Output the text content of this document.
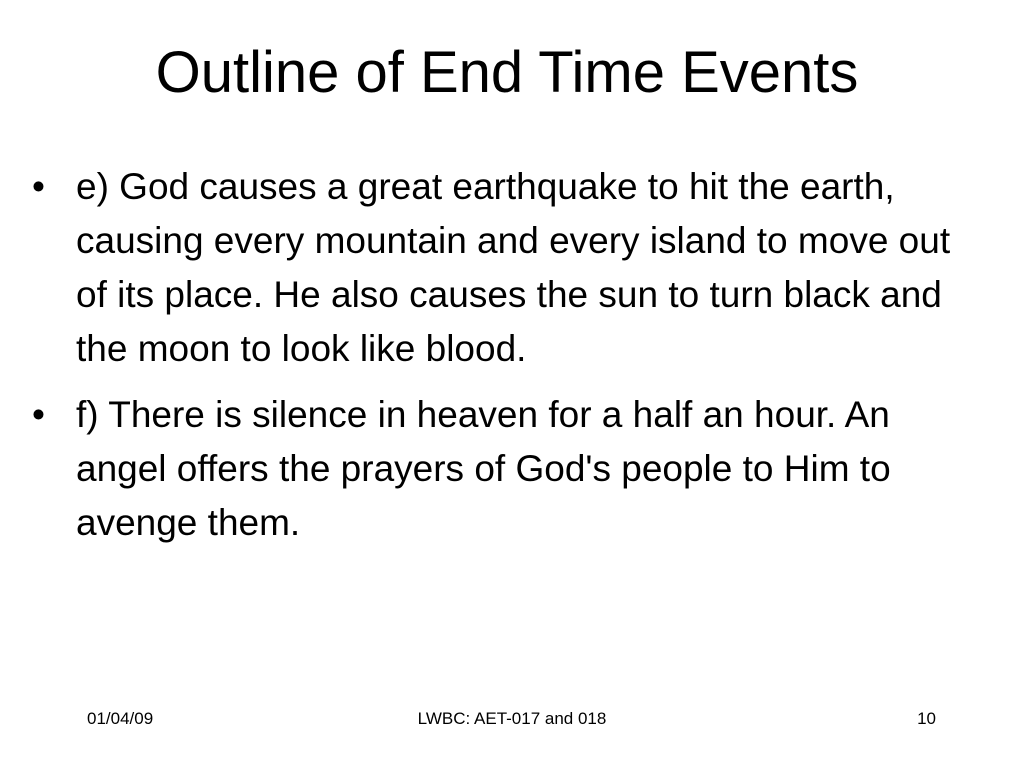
Outline of End Time Events
• e) God causes a great earthquake to hit the earth, causing every mountain and every island to move out of its place. He also causes the sun to turn black and the moon to look like blood.
• f) There is silence in heaven for a half an hour. An angel offers the prayers of God's people to Him to avenge them.
01/04/09	LWBC: AET-017 and 018	10
